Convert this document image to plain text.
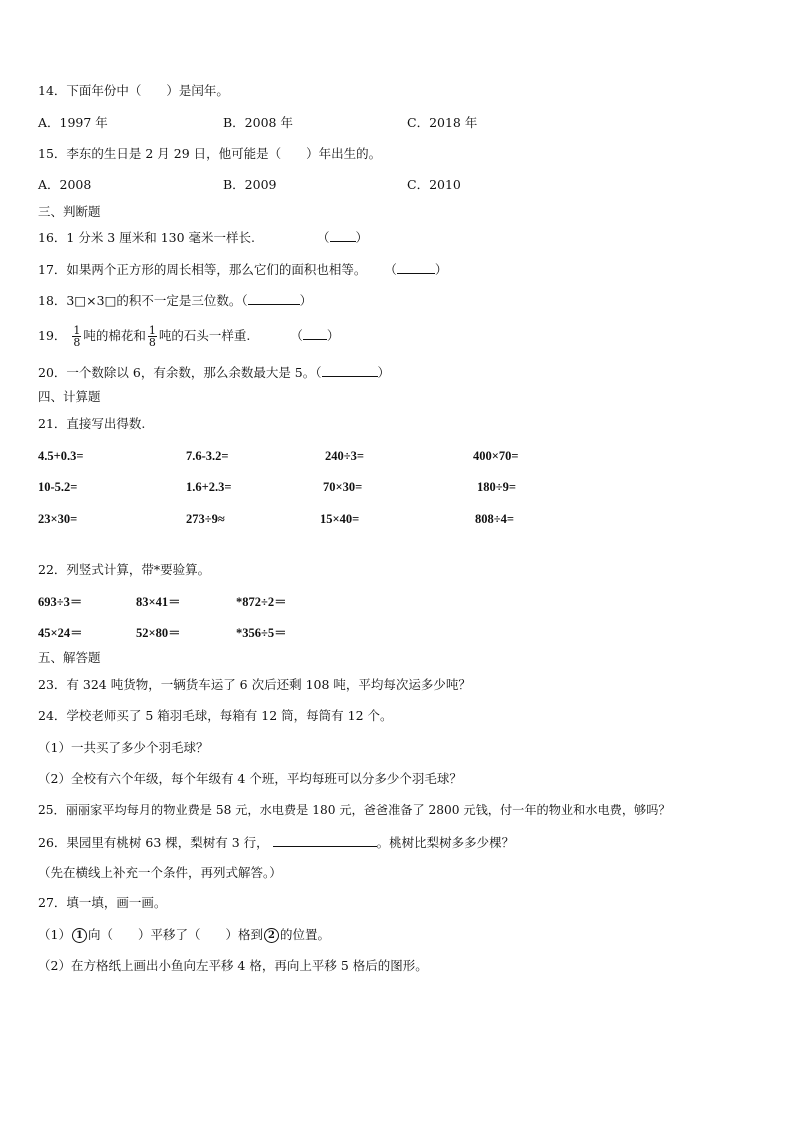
14．下面年份中（　　）是闰年。
A．1997 年	B．2008 年	C．2018 年
15．李东的生日是 2 月 29 日，他可能是（　　）年出生的。
A．2008	B．2009	C．2010
三、判断题
16．1 分米 3 厘米和 130 毫米一样长.	（ ）
17．如果两个正方形的周长相等，那么它们的面积也相等。 （	）
18．3□×3□的积不一定是三位数。（	）
19． $\frac{1}{8}$ 吨的棉花和 $\frac{1}{8}$ 吨的石头一样重.	（ ）
20．一个数除以 6，有余数，那么余数最大是 5。（	）
四、计算题
21．直接写出得数.
4.5+0.3=	7.6-3.2=	240÷3=	400×70=
10-5.2=	1.6+2.3=	70×30=	180÷9=
23×30=	273÷9≈	15×40=	808÷4=
22．列竖式计算，带*要验算。
693÷3＝	83×41＝	*872÷2＝
45×24＝	52×80＝	*356÷5＝
五、解答题
23．有 324 吨货物，一辆货车运了 6 次后还剩 108 吨，平均每次运多少吨？
24．学校老师买了 5 箱羽毛球，每箱有 12 筒，每筒有 12 个。
（1）一共买了多少个羽毛球？
（2）全校有六个年级，每个年级有 4 个班，平均每班可以分多少个羽毛球？
25．丽丽家平均每月的物业费是 58 元，水电费是 180 元，爸爸准备了 2800 元钱，付一年的物业和水电费，够吗？
26．果园里有桃树 63 棵，梨树有 3 行，	。桃树比梨树多多少棵？
（先在横线上补充一个条件，再列式解答。）
27．填一填，画一画。
（1） 1 向（　　）平移了（　　）格到 2 的位置。
（2）在方格纸上画出小鱼向左平移 4 格，再向上平移 5 格后的图形。
